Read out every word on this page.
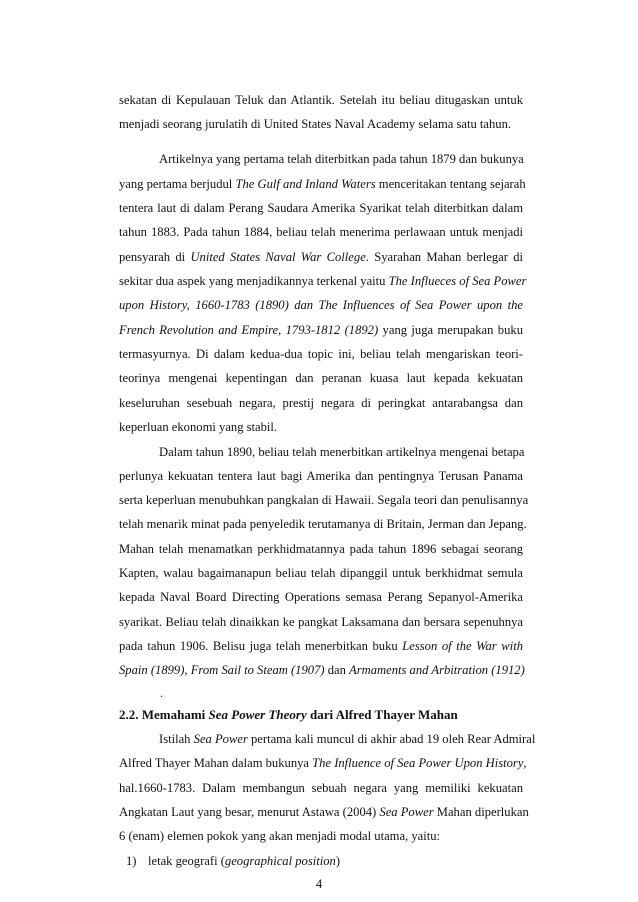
sekatan di Kepulauan Teluk dan Atlantik. Setelah itu beliau ditugaskan untuk
menjadi seorang jurulatih di United States Naval Academy selama satu tahun.
Artikelnya yang pertama telah diterbitkan pada tahun 1879 dan bukunya
yang pertama berjudul The Gulf and Inland Waters menceritakan tentang sejarah
tentera laut di dalam Perang Saudara Amerika Syarikat telah diterbitkan dalam
tahun 1883. Pada tahun 1884, beliau telah menerima perlawaan untuk menjadi
pensyarah di United States Naval War College. Syarahan Mahan berlegar di
sekitar dua aspek yang menjadikannya terkenal yaitu The Influeces of Sea Power
upon History, 1660-1783 (1890) dan The Influences of Sea Power upon the
French Revolution and Empire, 1793-1812 (1892) yang juga merupakan buku
termasyurnya. Di dalam kedua-dua topic ini, beliau telah mengariskan teori-
teorinya mengenai kepentingan dan peranan kuasa laut kepada kekuatan
keseluruhan sesebuah negara, prestij negara di peringkat antarabangsa dan
keperluan ekonomi yang stabil.
Dalam tahun 1890, beliau telah menerbitkan artikelnya mengenai betapa
perlunya kekuatan tentera laut bagi Amerika dan pentingnya Terusan Panama
serta keperluan menubuhkan pangkalan di Hawaii. Segala teori dan penulisannya
telah menarik minat pada penyeledik terutamanya di Britain, Jerman dan Jepang.
Mahan telah menamatkan perkhidmatannya pada tahun 1896 sebagai seorang
Kapten, walau bagaimanapun beliau telah dipanggil untuk berkhidmat semula
kepada Naval Board Directing Operations semasa Perang Sepanyol-Amerika
syarikat. Beliau telah dinaikkan ke pangkat Laksamana dan bersara sepenuhnya
pada tahun 1906. Belisu juga telah menerbitkan buku Lesson of the War with
Spain (1899), From Sail to Steam (1907) dan Armaments and Arbitration (1912)
.
2.2. Memahami Sea Power Theory dari Alfred Thayer Mahan
Istilah Sea Power pertama kali muncul di akhir abad 19 oleh Rear Admiral
Alfred Thayer Mahan dalam bukunya The Influence of Sea Power Upon History,
hal.1660-1783. Dalam membangun sebuah negara yang memiliki kekuatan
Angkatan Laut yang besar, menurut Astawa (2004) Sea Power Mahan diperlukan
6 (enam) elemen pokok yang akan menjadi modal utama, yaitu:
1) letak geografi (geographical position)
4
